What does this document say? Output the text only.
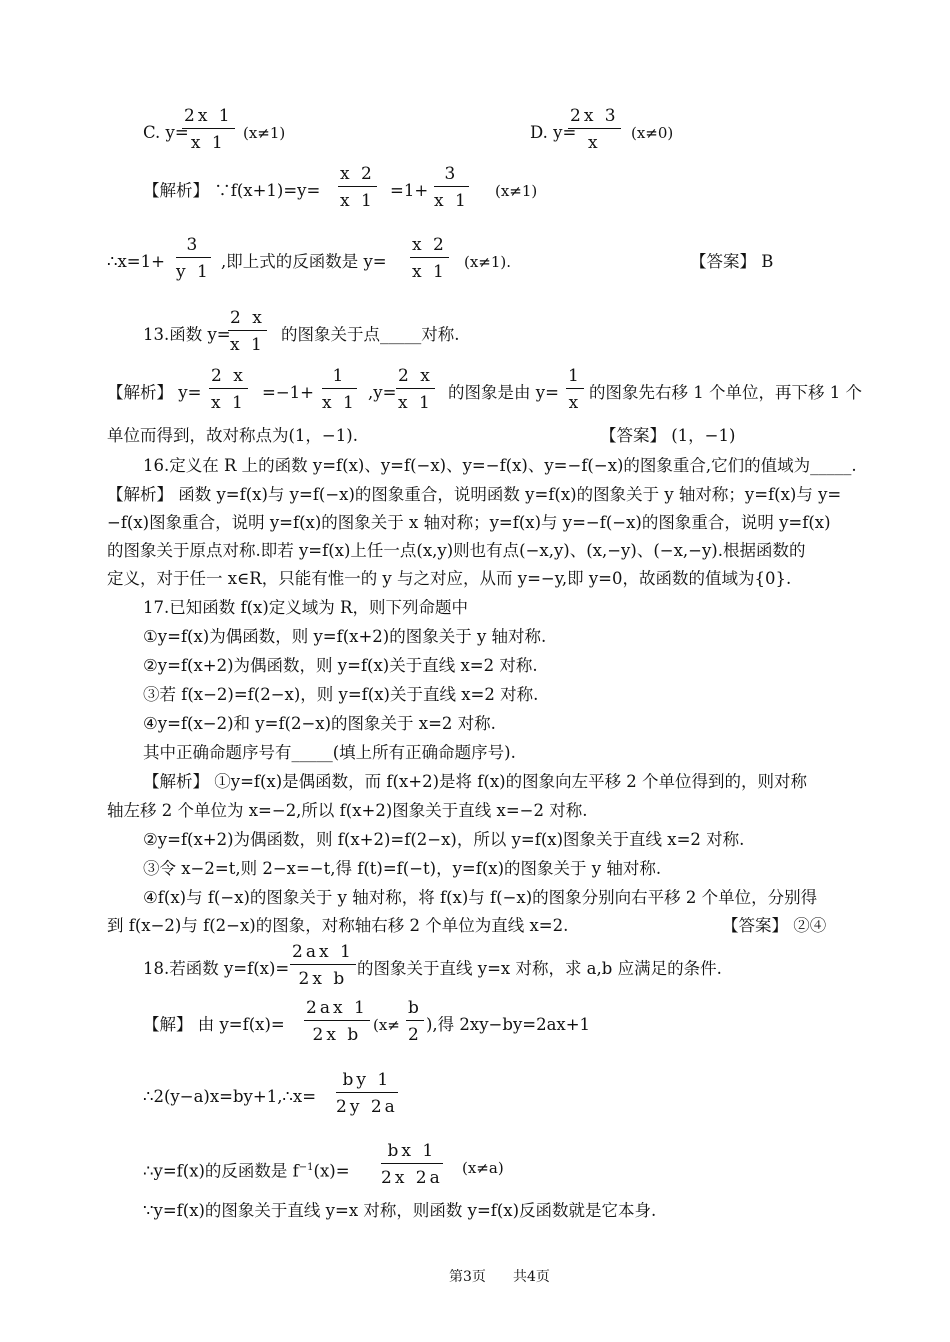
C. y=
$\frac{2x 1}{x 1} (x\ne 1)$	D. y=
$\frac{2x 3}{x} (x\ne 0)$
【解析】 ∵f(x+1)=y= $\frac{x 2}{x 1} =1+ \frac{3}{x 1} (x\ne 1)$
∴x=1+ $\frac{3}{y 1}$ ,即上式的反函数是 $y= \frac{x 2}{x 1} (x\ne 1)$.	【答案】 B
13.函数 y=
$\frac{2 x}{x 1}$ 的图象关于点_____对称.
【解析】 $y= \frac{2 x}{x 1} =-1+ \frac{1}{x 1} ,y= \frac{2 x}{x 1}$ 的图象是由 $y= \frac{1}{x}$ 的图象先右移 1 个单位，再下移 1 个
单位而得到，故对称点为(1，−1).	【答案】 (1，−1)
16.定义在 R 上的函数 y=f(x)、y=f(−x)、y=−f(x)、y=−f(−x)的图象重合,它们的值域为_____.
【解析】 函数 y=f(x)与 y=f(−x)的图象重合，说明函数 y=f(x)的图象关于 y 轴对称；y=f(x)与 y=
−f(x)图象重合，说明 y=f(x)的图象关于 x 轴对称；y=f(x)与 y=−f(−x)的图象重合，说明 y=f(x)
的图象关于原点对称.即若 y=f(x)上任一点(x,y)则也有点(−x,y)、(x,−y)、(−x,−y).根据函数的
定义，对于任一 x∈R，只能有惟一的 y 与之对应，从而 y=−y,即 y=0，故函数的值域为{0}.
17.已知函数 f(x)定义域为 R，则下列命题中
①y=f(x)为偶函数，则 y=f(x+2)的图象关于 y 轴对称.
②y=f(x+2)为偶函数，则 y=f(x)关于直线 x=2 对称.
③若 f(x−2)=f(2−x)，则 y=f(x)关于直线 x=2 对称.
④y=f(x−2)和 y=f(2−x)的图象关于 x=2 对称.
其中正确命题序号有_____(填上所有正确命题序号).
【解析】 ①y=f(x)是偶函数，而 f(x+2)是将 f(x)的图象向左平移 2 个单位得到的，则对称
轴左移 2 个单位为 x=−2,所以 f(x+2)图象关于直线 x=−2 对称.
②y=f(x+2)为偶函数，则 f(x+2)=f(2−x)，所以 y=f(x)图象关于直线 x=2 对称.
③令 x−2=t,则 2−x=−t,得 f(t)=f(−t)，y=f(x)的图象关于 y 轴对称.
④f(x)与 f(−x)的图象关于 y 轴对称，将 f(x)与 f(−x)的图象分别向右平移 2 个单位，分别得
到 f(x−2)与 f(2−x)的图象，对称轴右移 2 个单位为直线 x=2.	【答案】 ②④
18.若函数 $y=f(x)= \frac{2ax 1}{\text{2x b}}$ 的图象关于直线 y=x 对称，求 a,b 应满足的条件.
【解】 由 $y=f(x)= \frac{2ax 1}{\text{2x b}} (x\ne \frac{b}{2}$ ),得 2xy−by=2ax+1
∴2(y−a)x=by+1,∴x= $\frac{by 1}{2y 2a}$
∴y=f(x)的反函数是 $f^{-1}(x)= \frac{bx 1}{2x 2a} (x\ne a)$
∵y=f(x)的图象关于直线 y=x 对称，则函数 y=f(x)反函数就是它本身.
第3页 共4页
